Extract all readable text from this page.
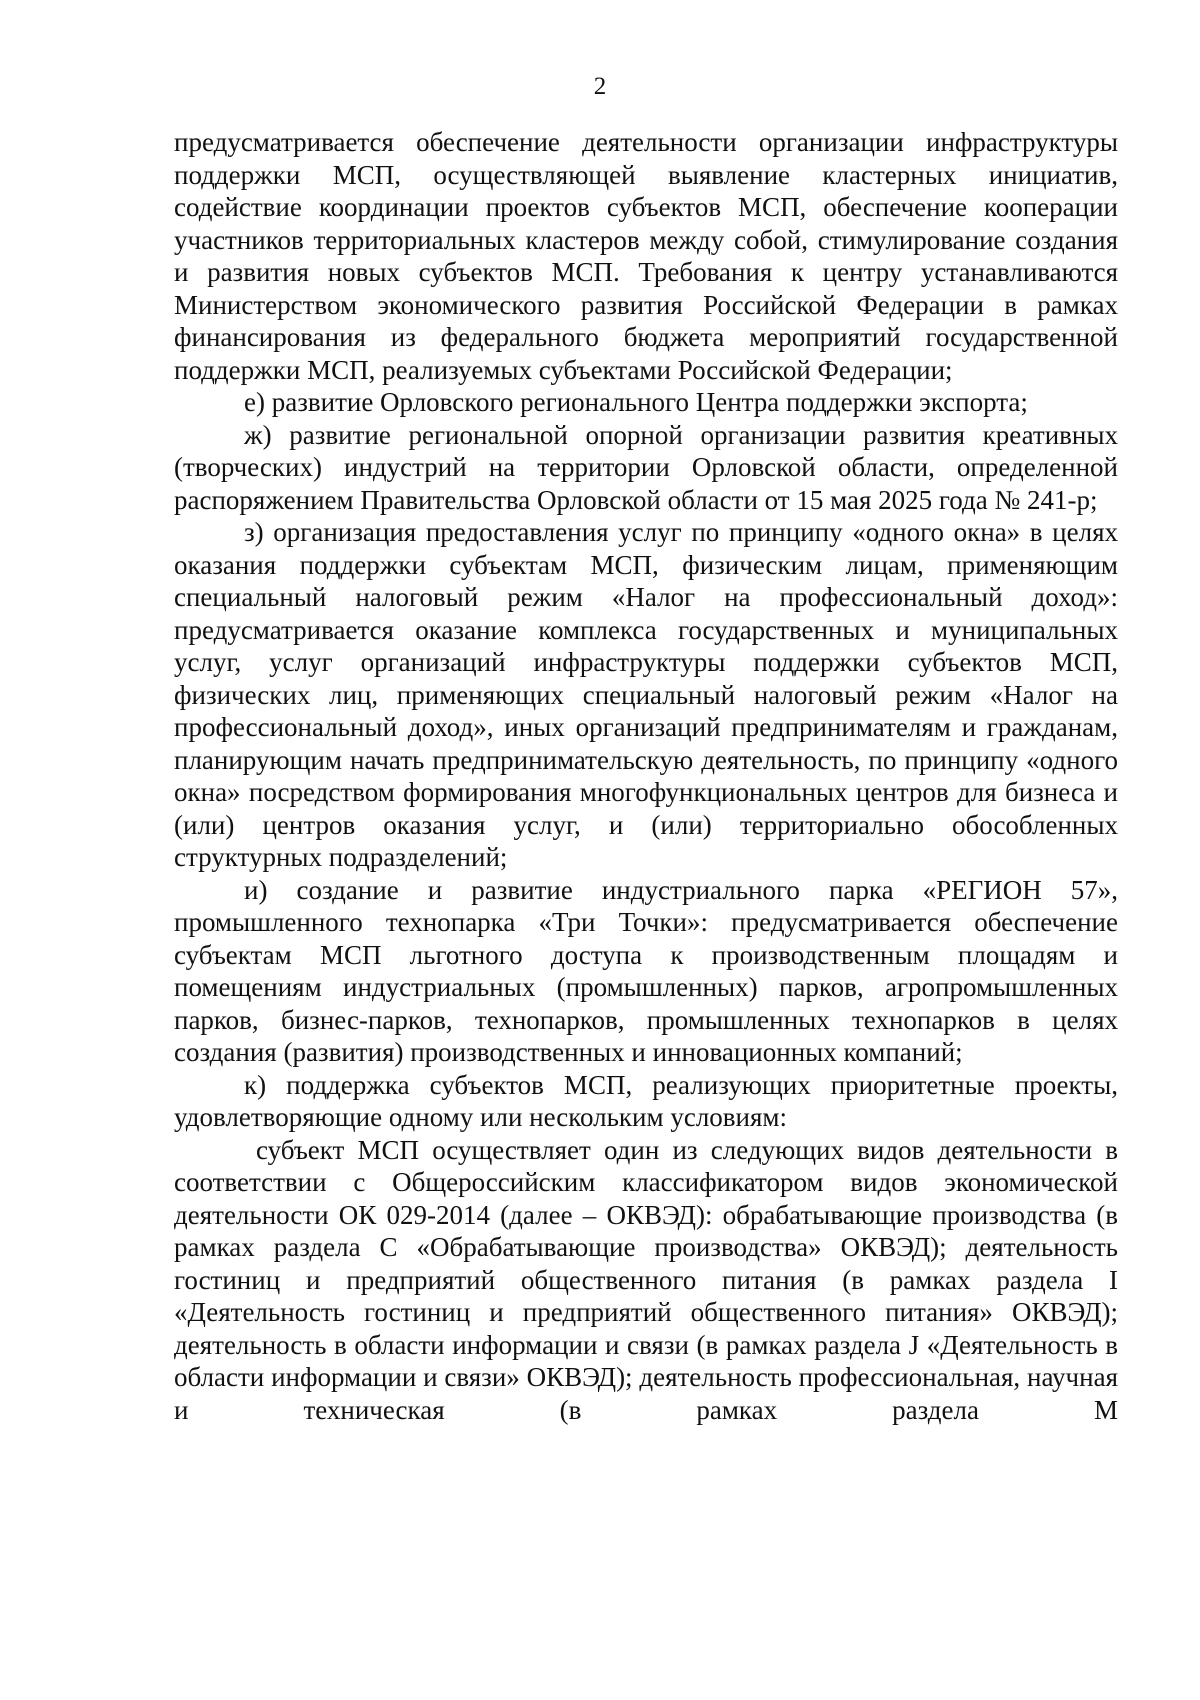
2

предусматривается обеспечение деятельности организации инфраструктуры поддержки МСП, осуществляющей выявление кластерных инициатив, содействие координации проектов субъектов МСП, обеспечение кооперации участников территориальных кластеров между собой, стимулирование создания и развития новых субъектов МСП. Требования к центру устанавливаются Министерством экономического развития Российской Федерации в рамках финансирования из федерального бюджета мероприятий государственной поддержки МСП, реализуемых субъектами Российской Федерации;

е) развитие Орловского регионального Центра поддержки экспорта;

ж) развитие региональной опорной организации развития креативных (творческих) индустрий на территории Орловской области, определенной распоряжением Правительства Орловской области от 15 мая 2025 года № 241-р;

з) организация предоставления услуг по принципу «одного окна» в целях оказания поддержки субъектам МСП, физическим лицам, применяющим специальный налоговый режим «Налог на профессиональный доход»: предусматривается оказание комплекса государственных и муниципальных услуг, услуг организаций инфраструктуры поддержки субъектов МСП, физических лиц, применяющих специальный налоговый режим «Налог на профессиональный доход», иных организаций предпринимателям и гражданам, планирующим начать предпринимательскую деятельность, по принципу «одного окна» посредством формирования многофункциональных центров для бизнеса и (или) центров оказания услуг, и (или) территориально обособленных структурных подразделений;

и) создание и развитие индустриального парка «РЕГИОН 57», промышленного технопарка «Три Точки»: предусматривается обеспечение субъектам МСП льготного доступа к производственным площадям и помещениям индустриальных (промышленных) парков, агропромышленных парков, бизнес-парков, технопарков, промышленных технопарков в целях создания (развития) производственных и инновационных компаний;

к) поддержка субъектов МСП, реализующих приоритетные проекты, удовлетворяющие одному или нескольким условиям:

субъект МСП осуществляет один из следующих видов деятельности в соответствии с Общероссийским классификатором видов экономической деятельности ОК 029-2014 (далее – ОКВЭД): обрабатывающие производства (в рамках раздела С «Обрабатывающие производства» ОКВЭД); деятельность гостиниц и предприятий общественного питания (в рамках раздела I «Деятельность гостиниц и предприятий общественного питания» ОКВЭД); деятельность в области информации и связи (в рамках раздела J «Деятельность в области информации и связи» ОКВЭД); деятельность профессиональная, научная и техническая (в рамках раздела М
